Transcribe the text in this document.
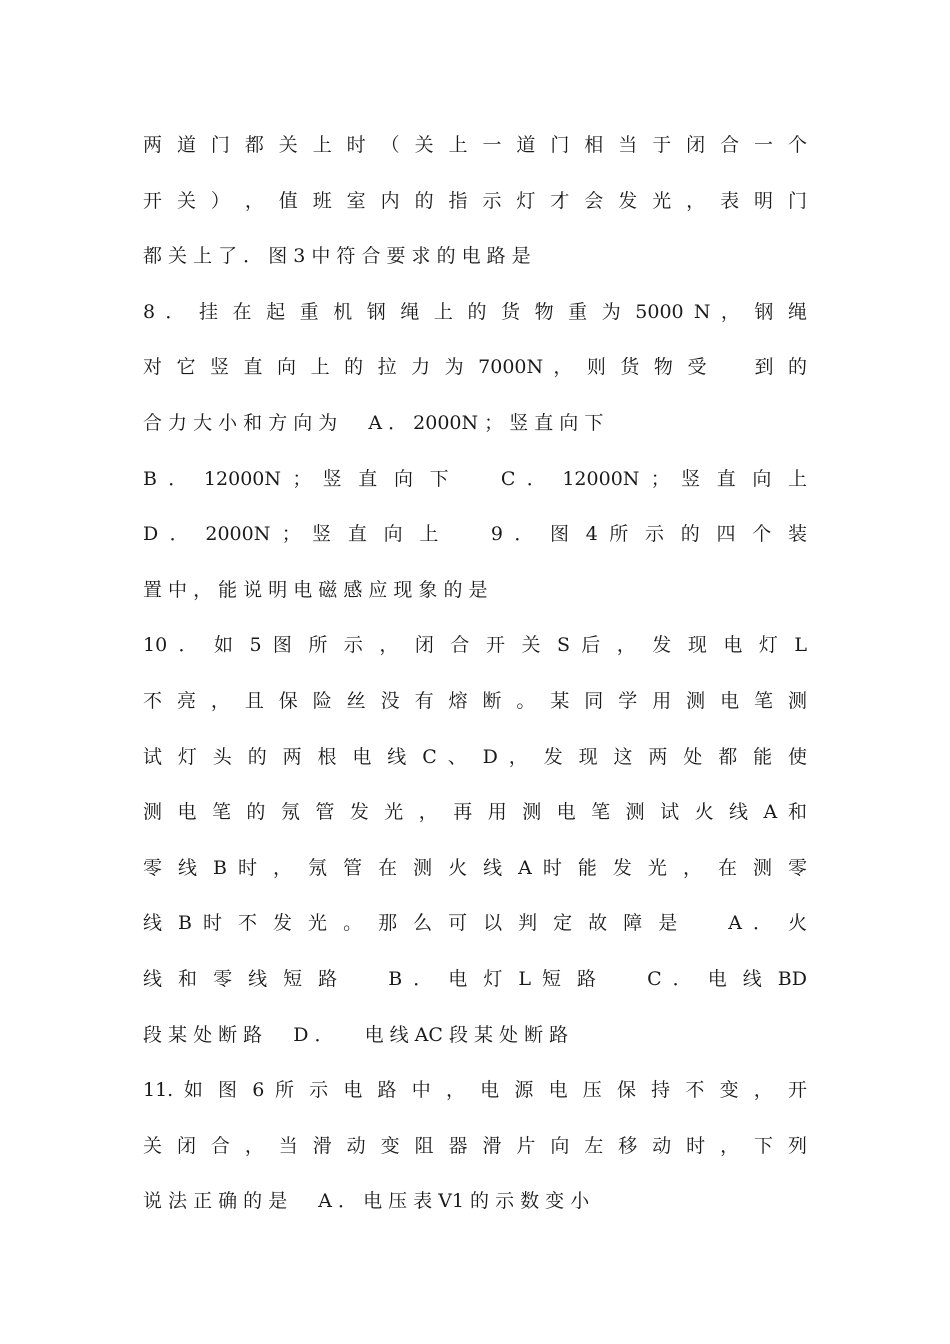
两 道 门 都 关 上 时 （ 关 上 一 道 门 相 当 于 闭 合 一 个
开 关 ） ， 值 班 室 内 的 指 示 灯 才 会 发 光 ， 表 明 门
都 关 上 了 ． 图 3 中 符 合 要 求 的 电 路 是
8 ． 挂 在 起 重 机 钢 绳 上 的 货 物 重 为 5000 N ， 钢 绳
对 它 竖 直 向 上 的 拉 力 为 7000N ， 则 货 物 受 　 到 的
合 力 大 小 和 方 向 为 　 A ． 2000N ； 竖 直 向 下
B ． 12000N ； 竖 直 向 下 　 C ． 12000N ； 竖 直 向 上
D ． 2000N ； 竖 直 向 上 　 9 ． 图 4 所 示 的 四 个 装
置 中 ， 能 说 明 电 磁 感 应 现 象 的 是
10 ． 如 5 图 所 示 ， 闭 合 开 关 S 后 ， 发 现 电 灯 L
不 亮 ， 且 保 险 丝 没 有 熔 断 。 某 同 学 用 测 电 笔 测
试 灯 头 的 两 根 电 线 C 、 D ， 发 现 这 两 处 都 能 使
测 电 笔 的 氖 管 发 光 ， 再 用 测 电 笔 测 试 火 线 A 和
零 线 B 时 ， 氖 管 在 测 火 线 A 时 能 发 光 ， 在 测 零
线 B 时 不 发 光 。 那 么 可 以 判 定 故 障 是 　 A ． 火
线 和 零 线 短 路 　 B ． 电 灯 L 短 路 　 C ． 电 线 BD
段 某 处 断 路 　 D ． 　 电 线 AC 段 某 处 断 路
11. 如 图 6 所 示 电 路 中 ， 电 源 电 压 保 持 不 变 ， 开
关 闭 合 ， 当 滑 动 变 阻 器 滑 片 向 左 移 动 时 ， 下 列
说 法 正 确 的 是 　 A ． 电 压 表 V1 的 示 数 变 小
